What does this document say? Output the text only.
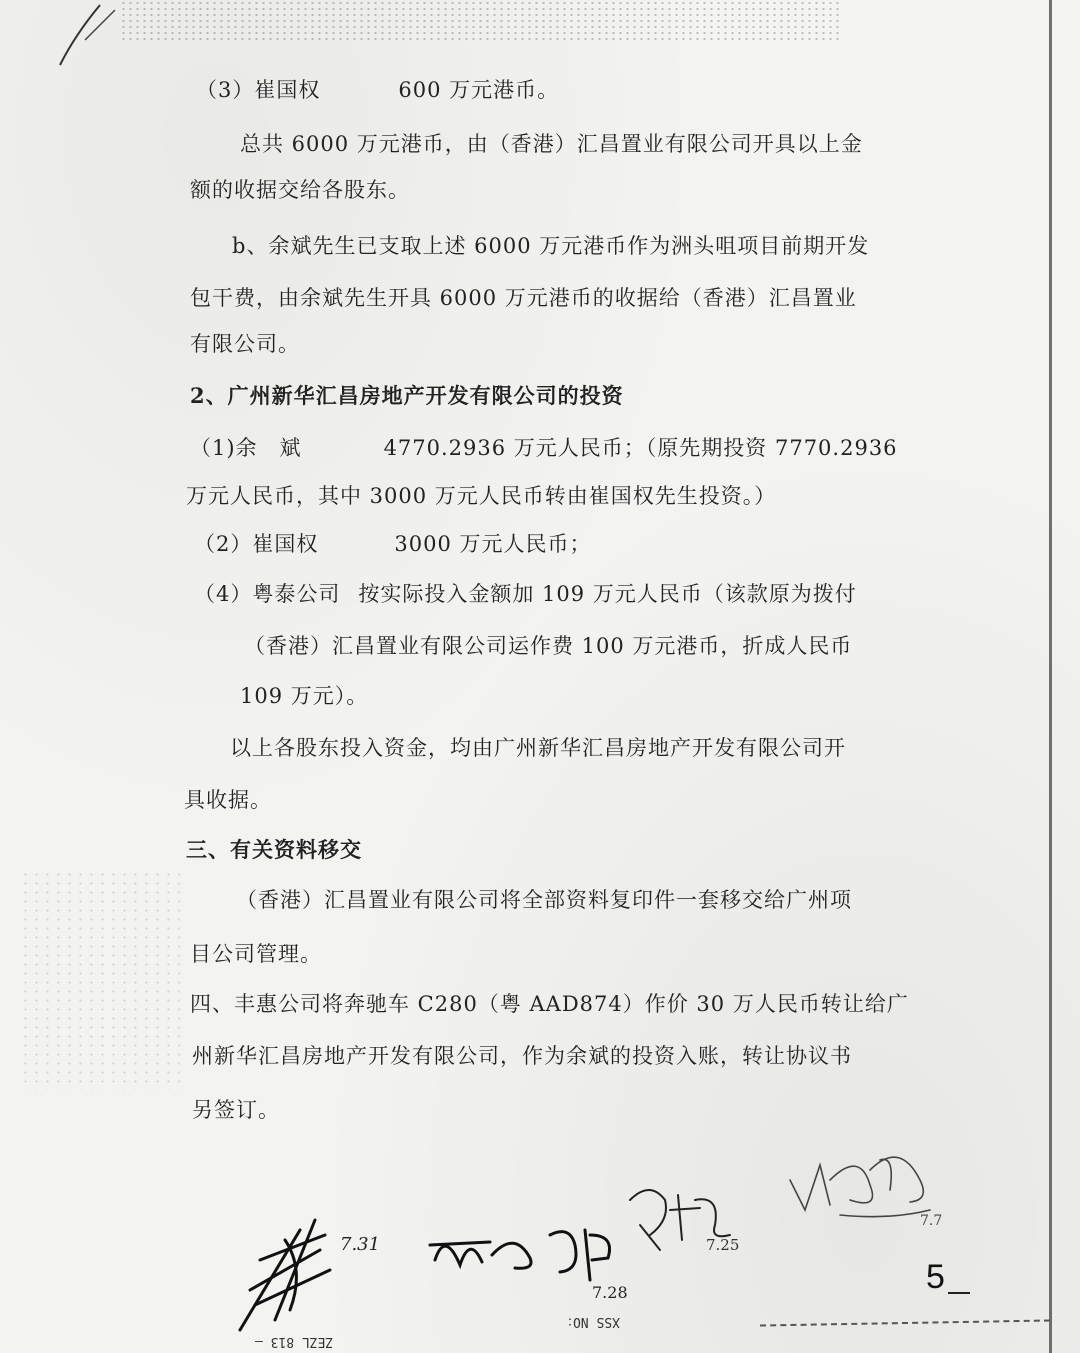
（3）崔国权	600 万元港币。
总共 6000 万元港币，由（香港）汇昌置业有限公司开具以上金
额的收据交给各股东。
b、余斌先生已支取上述 6000 万元港币作为洲头咀项目前期开发
包干费，由余斌先生开具 6000 万元港币的收据给（香港）汇昌置业
有限公司。
2、广州新华汇昌房地产开发有限公司的投资
（1)余　斌	4770.2936 万元人民币；（原先期投资 7770.2936
万元人民币，其中 3000 万元人民币转由崔国权先生投资。）
（2）崔国权	3000 万元人民币；
（4）粤泰公司 按实际投入金额加 109 万元人民币（该款原为拨付
（香港）汇昌置业有限公司运作费 100 万元港币，折成人民币
109 万元）。
以上各股东投入资金，均由广州新华汇昌房地产开发有限公司开
具收据。
三、有关资料移交
（香港）汇昌置业有限公司将全部资料复印件一套移交给广州项
目公司管理。
四、丰惠公司将奔驰车 C280（粤 AAD874）作价 30 万人民币转让给广
州新华汇昌房地产开发有限公司，作为余斌的投资入账，转让协议书
另签订。
7.31
7.28
7.25
7.7
XSS NO：
ZEZL 813 —
5
